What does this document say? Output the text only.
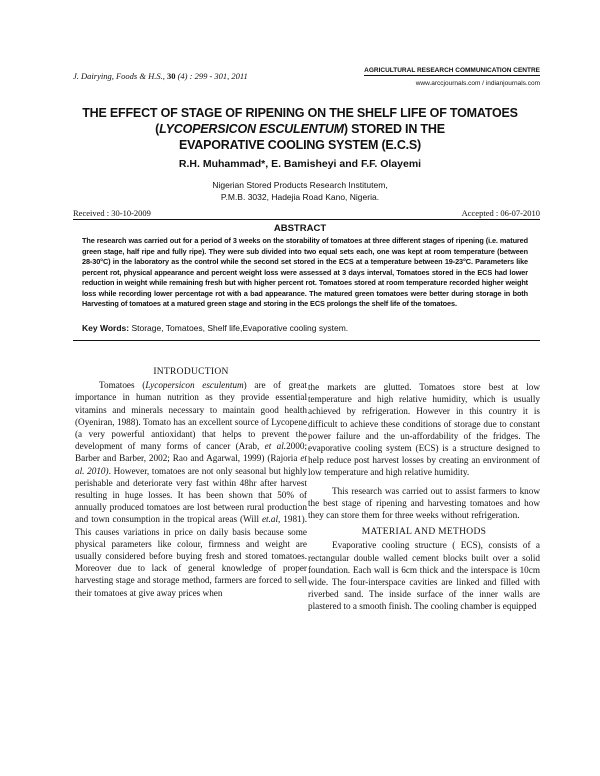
J. Dairying, Foods & H.S., 30 (4) : 299 - 301, 2011
AGRICULTURAL RESEARCH COMMUNICATION CENTRE
www.arccjournals.com / indianjournals.com
THE EFFECT OF STAGE OF RIPENING ON THE SHELF LIFE OF TOMATOES
(LYCOPERSICON ESCULENTUM) STORED IN THE
EVAPORATIVE COOLING SYSTEM (E.C.S)
R.H. Muhammad*, E. Bamisheyi and F.F. Olayemi
Nigerian Stored Products Research Institutem,
P.M.B. 3032, Hadejia Road Kano, Nigeria.
Received : 30-10-2009	Accepted : 06-07-2010
ABSTRACT
The research was carried out for a period of 3 weeks on the storability of tomatoes at three different stages of ripening (i.e. matured green stage, half ripe and fully ripe). They were sub divided into two equal sets each, one was kept at room temperature (between 28-30°C) in the laboratory as the control while the second set stored in the ECS at a temperature between 19-23°C. Parameters like percent rot, physical appearance and percent weight loss were assessed at 3 days interval, Tomatoes stored in the ECS had lower reduction in weight while remaining fresh but with higher percent rot. Tomatoes stored at room temperature recorded higher weight loss while recording lower percentage rot with a bad appearance. The matured green tomatoes were better during storage in both Harvesting of tomatoes at a matured green stage and storing in the ECS prolongs the shelf life of the tomatoes.
Key Words: Storage, Tomatoes, Shelf life,Evaporative cooling system.
INTRODUCTION

Tomatoes (Lycopersicon esculentum) are of great importance in human nutrition as they provide essential vitamins and minerals necessary to maintain good health (Oyeniran, 1988). Tomato has an excellent source of Lycopene (a very powerful antioxidant) that helps to prevent the development of many forms of cancer (Arab, et al.2000; Barber and Barber, 2002; Rao and Agarwal, 1999) (Rajoria et al. 2010). However, tomatoes are not only seasonal but highly perishable and deteriorate very fast within 48hr after harvest resulting in huge losses. It has been shown that 50% of annually produced tomatoes are lost between rural production and town consumption in the tropical areas (Will et.al, 1981). This causes variations in price on daily basis because some physical parameters like colour, firmness and weight are usually considered before buying fresh and stored tomatoes. Moreover due to lack of general knowledge of proper harvesting stage and storage method, farmers are forced to sell their tomatoes at give away prices when

the markets are glutted. Tomatoes store best at low temperature and high relative humidity, which is usually achieved by refrigeration. However in this country it is difficult to achieve these conditions of storage due to constant power failure and the un-affordability of the fridges. The evaporative cooling system (ECS) is a structure designed to help reduce post harvest losses by creating an environment of low temperature and high relative humidity.

This research was carried out to assist farmers to know the best stage of ripening and harvesting tomatoes and how they can store them for three weeks without refrigeration.

MATERIAL AND METHODS

Evaporative cooling structure ( ECS), consists of a rectangular double walled cement blocks built over a solid foundation. Each wall is 6cm thick and the interspace is 10cm wide. The four-interspace cavities are linked and filled with riverbed sand. The inside surface of the inner walls are plastered to a smooth finish. The cooling chamber is equipped
